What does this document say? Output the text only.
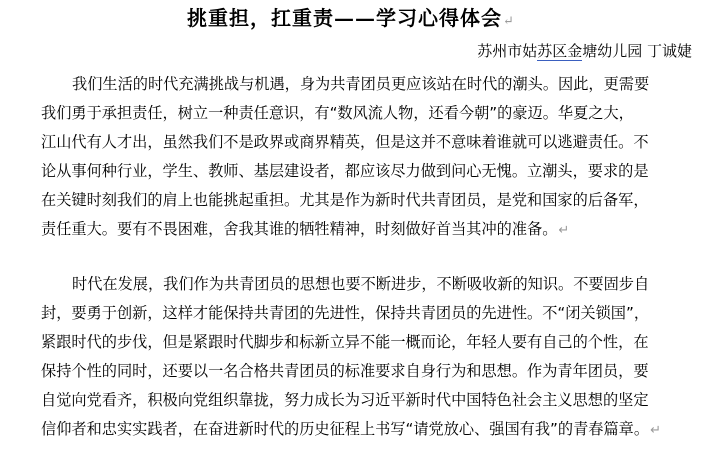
挑重担，扛重责——学习心得体会↵
苏州市姑苏区金塘幼儿园 丁诚婕
我们生活的时代充满挑战与机遇，身为共青团员更应该站在时代的潮头。因此，更需要
我们勇于承担责任，树立一种责任意识，有“数风流人物，还看今朝”的豪迈。华夏之大，
江山代有人才出，虽然我们不是政界或商界精英，但是这并不意味着谁就可以逃避责任。不
论从事何种行业，学生、教师、基层建设者，都应该尽力做到问心无愧。立潮头，要求的是
在关键时刻我们的肩上也能挑起重担。尤其是作为新时代共青团员，是党和国家的后备军，
责任重大。要有不畏困难，舍我其谁的牺牲精神，时刻做好首当其冲的准备。↵
时代在发展，我们作为共青团员的思想也要不断进步，不断吸收新的知识。不要固步自
封，要勇于创新，这样才能保持共青团的先进性，保持共青团员的先进性。不“闭关锁国”，
紧跟时代的步伐，但是紧跟时代脚步和标新立异不能一概而论，年轻人要有自己的个性，在
保持个性的同时，还要以一名合格共青团员的标准要求自身行为和思想。作为青年团员，要
自觉向党看齐，积极向党组织靠拢，努力成长为习近平新时代中国特色社会主义思想的坚定
信仰者和忠实实践者，在奋进新时代的历史征程上书写“请党放心、强国有我”的青春篇章。↵
